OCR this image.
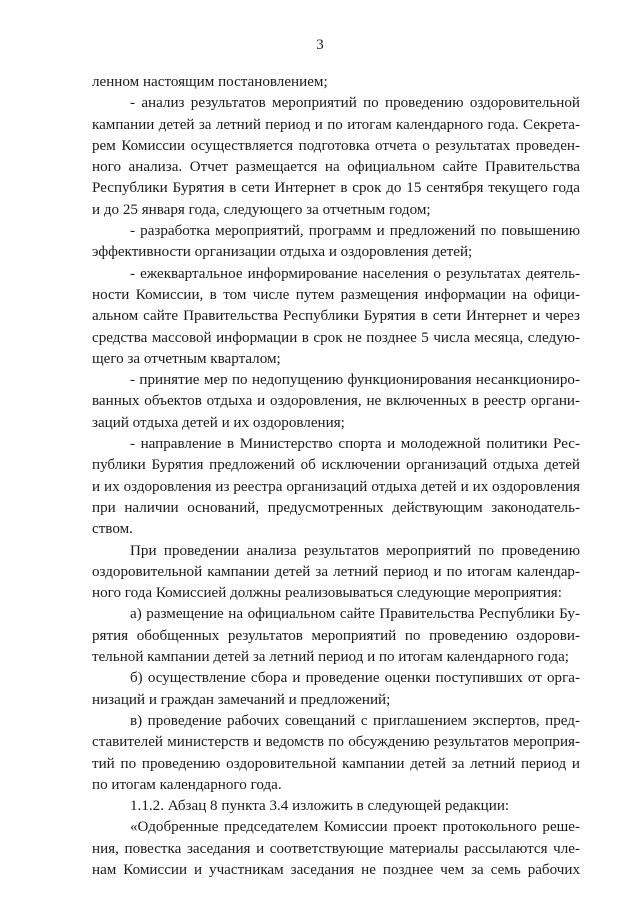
3
ленном настоящим постановлением;
- анализ результатов мероприятий по проведению оздоровительной
кампании детей за летний период и по итогам календарного года. Секрета-
рем Комиссии осуществляется подготовка отчета о результатах проведен-
ного анализа. Отчет размещается на официальном сайте Правительства
Республики Бурятия в сети Интернет в срок до 15 сентября текущего года
и до 25 января года, следующего за отчетным годом;
- разработка мероприятий, программ и предложений по повышению
эффективности организации отдыха и оздоровления детей;
- ежеквартальное информирование населения о результатах деятель-
ности Комиссии, в том числе путем размещения информации на офици-
альном сайте Правительства Республики Бурятия в сети Интернет и через
средства массовой информации в срок не позднее 5 числа месяца, следую-
щего за отчетным кварталом;
- принятие мер по недопущению функционирования несанкциониро-
ванных объектов отдыха и оздоровления, не включенных в реестр органи-
заций отдыха детей и их оздоровления;
- направление в Министерство спорта и молодежной политики Рес-
публики Бурятия предложений об исключении организаций отдыха детей
и их оздоровления из реестра организаций отдыха детей и их оздоровления
при наличии оснований, предусмотренных действующим законодатель-
ством.
При проведении анализа результатов мероприятий по проведению
оздоровительной кампании детей за летний период и по итогам календар-
ного года Комиссией должны реализовываться следующие мероприятия:
а) размещение на официальном сайте Правительства Республики Бу-
рятия обобщенных результатов мероприятий по проведению оздорови-
тельной кампании детей за летний период и по итогам календарного года;
б) осуществление сбора и проведение оценки поступивших от орга-
низаций и граждан замечаний и предложений;
в) проведение рабочих совещаний с приглашением экспертов, пред-
ставителей министерств и ведомств по обсуждению результатов мероприя-
тий по проведению оздоровительной кампании детей за летний период и
по итогам календарного года.
1.1.2. Абзац 8 пункта 3.4 изложить в следующей редакции:
«Одобренные председателем Комиссии проект протокольного реше-
ния, повестка заседания и соответствующие материалы рассылаются чле-
нам Комиссии и участникам заседания не позднее чем за семь рабочих
